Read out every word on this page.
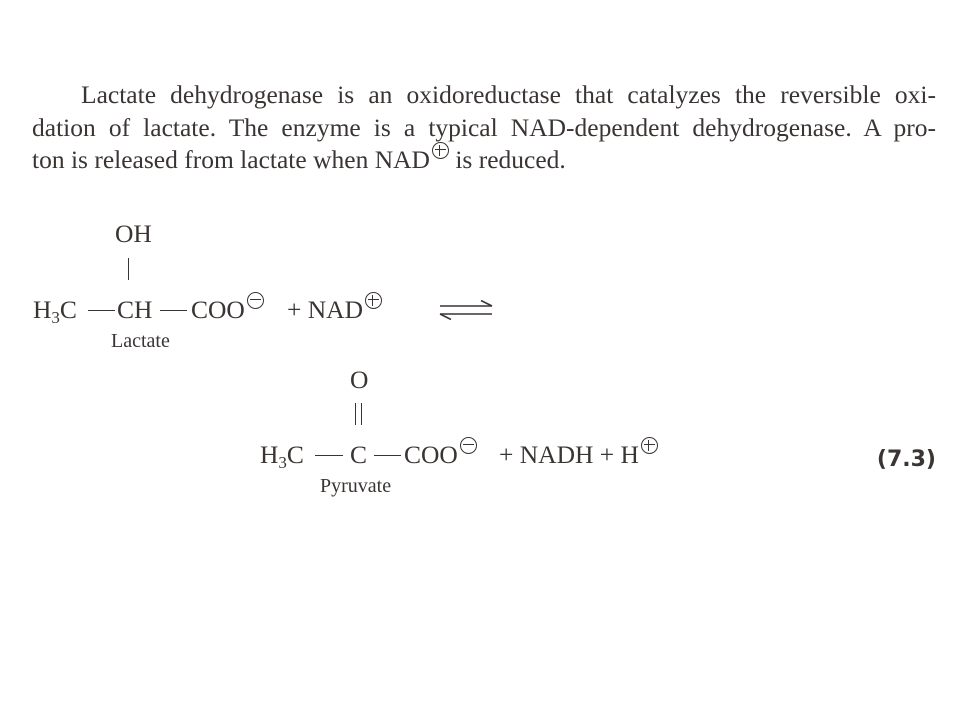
Lactate dehydrogenase is an oxidoreductase that catalyzes the reversible oxi-
dation of lactate. The enzyme is a typical NAD-dependent dehydrogenase. A pro-
ton is released from lactate when NAD is reduced.
OH
H3C CH COO	+ NAD
Lactate
O
H3C C COO	+ NADH + H
Pyruvate
(7.3)
